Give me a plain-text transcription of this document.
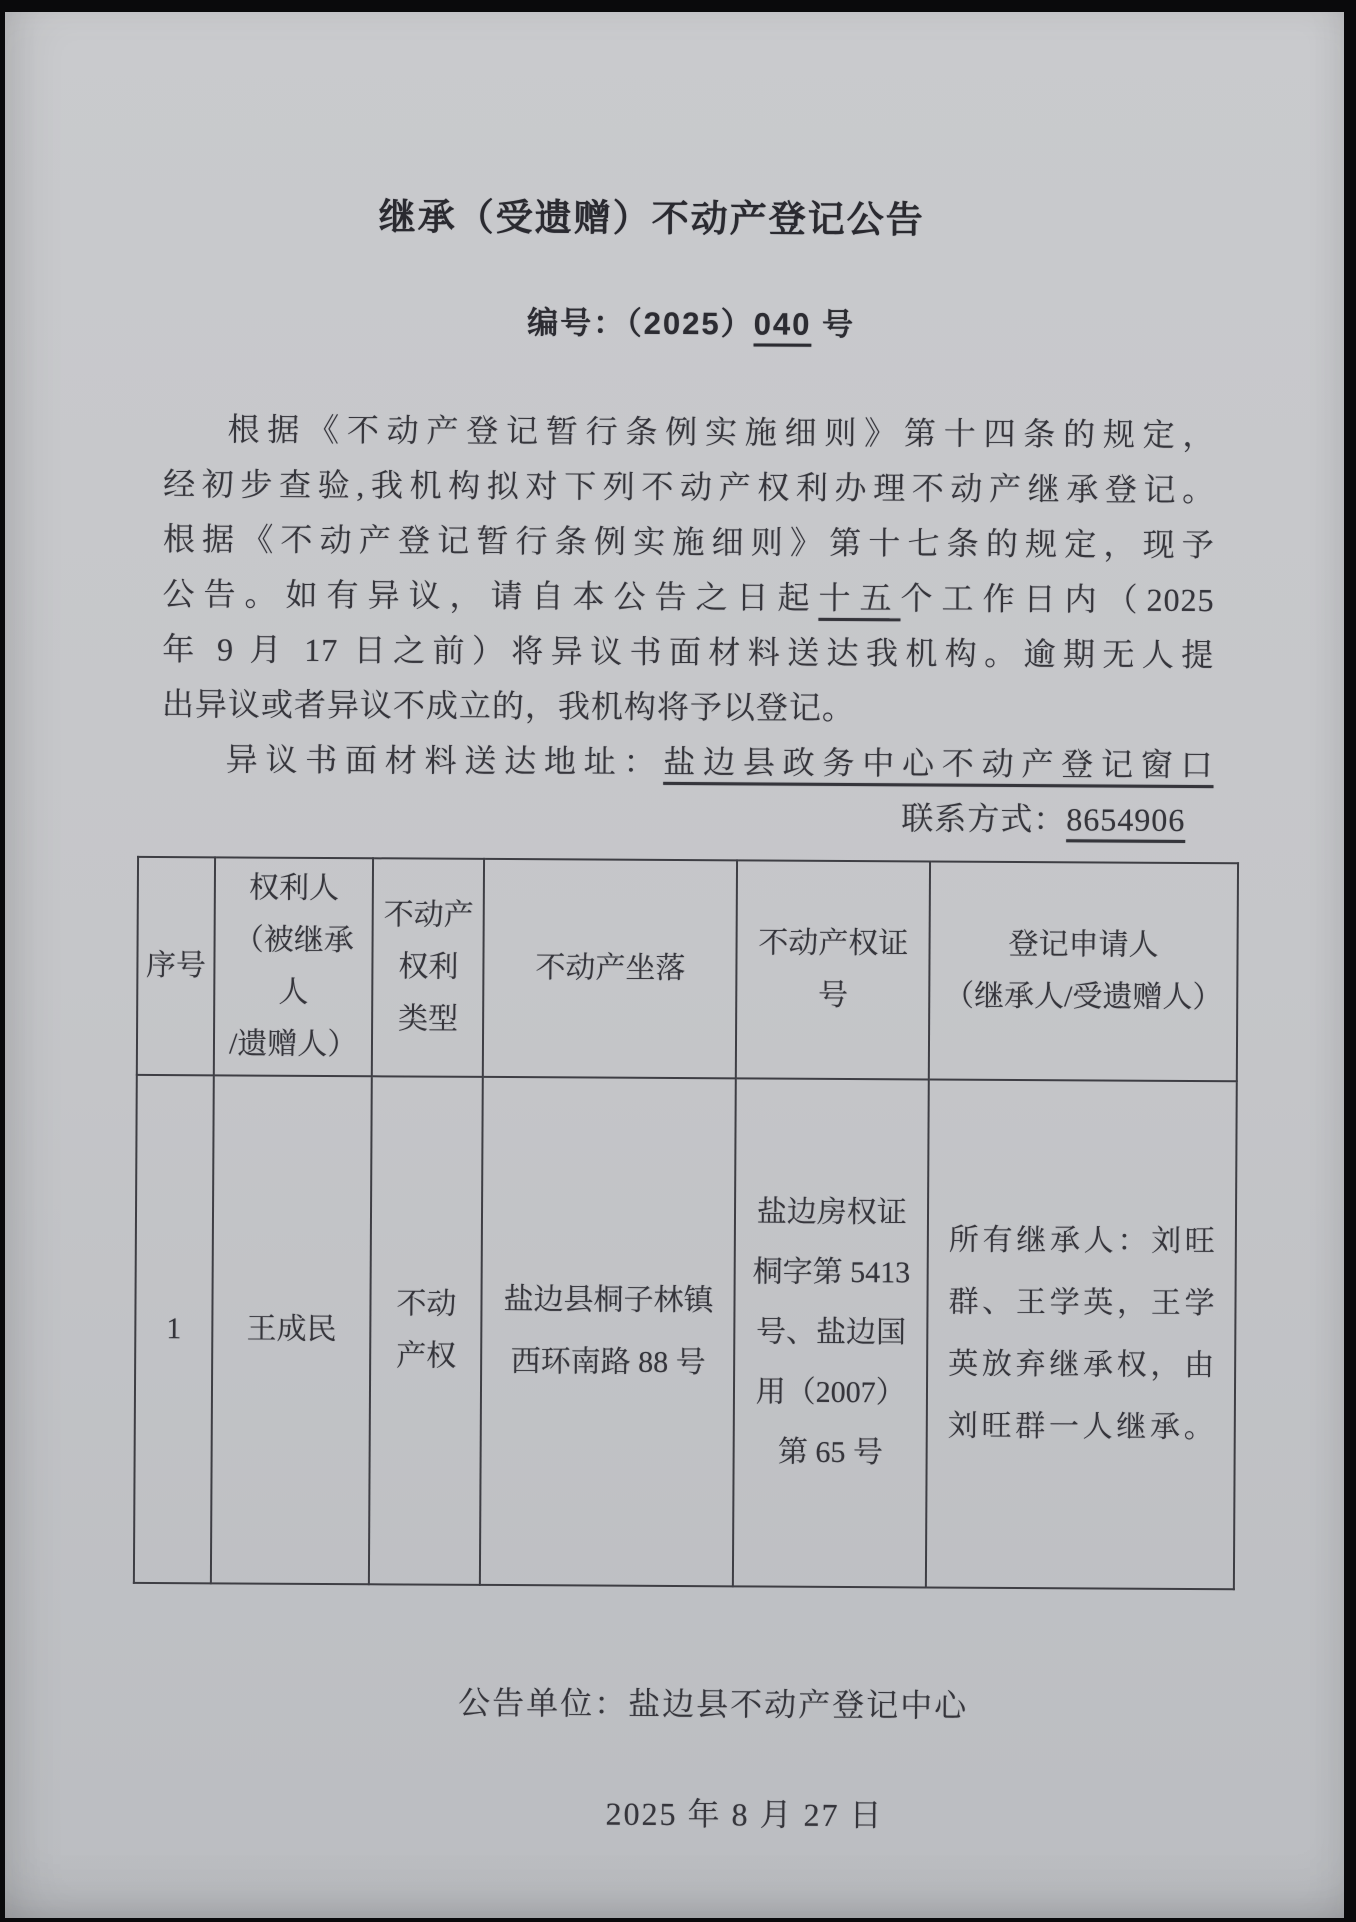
继承（受遗赠）不动产登记公告
编号：（2025）040 号
根据《不动产登记暂行条例实施细则》第十四条的规定，
经初步查验,我机构拟对下列不动产权利办理不动产继承登记。
根据《不动产登记暂行条例实施细则》第十七条的规定，现予
公告。如有异议，请自本公告之日起十五个工作日内（2025
年 9 月 17 日之前）将异议书面材料送达我机构。逾期无人提
出异议或者异议不成立的，我机构将予以登记。
异议书面材料送达地址：盐边县政务中心不动产登记窗口
联系方式：8654906
序号	权利人
（被继承人
/遗赠人）	不动产
权利
类型	不动产坐落	不动产权证号	登记申请人
（继承人/受遗赠人）
1	王成民	不动
产权	盐边县桐子林镇
西环南路 88 号	盐边房权证
桐字第 5413
号、盐边国
用（2007）
第 65 号	所有继承人：刘旺
群、王学英，王学
英放弃继承权，由
刘旺群一人继承。
公告单位：盐边县不动产登记中心
2025 年 8 月 27 日
